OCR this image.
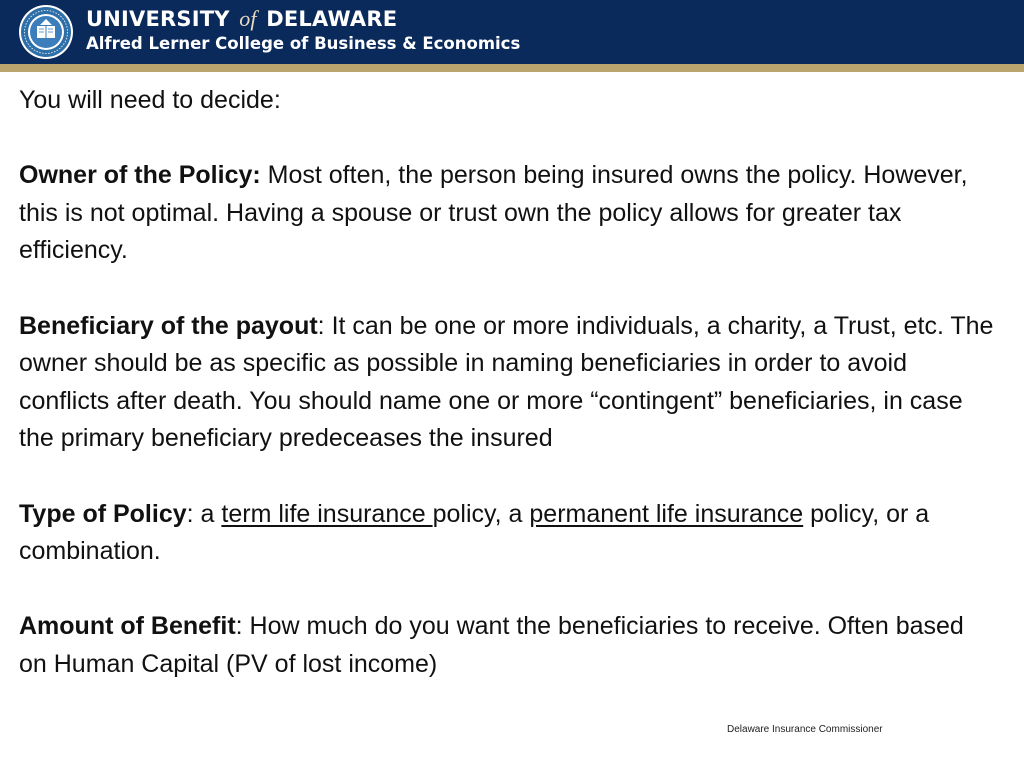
UNIVERSITY of DELAWARE
Alfred Lerner College of Business & Economics

You will need to decide:

Owner of the Policy: Most often, the person being insured owns the policy. However, this is not optimal. Having a spouse or trust own the policy allows for greater tax efficiency.

Beneficiary of the payout: It can be one or more individuals, a charity, a Trust, etc. The owner should be as specific as possible in naming beneficiaries in order to avoid conflicts after death. You should name one or more “contingent” beneficiaries, in case the primary beneficiary predeceases the insured

Type of Policy: a term life insurance policy, a permanent life insurance policy, or a combination.

Amount of Benefit: How much do you want the beneficiaries to receive. Often based on Human Capital (PV of lost income)

Delaware Insurance Commissioner
